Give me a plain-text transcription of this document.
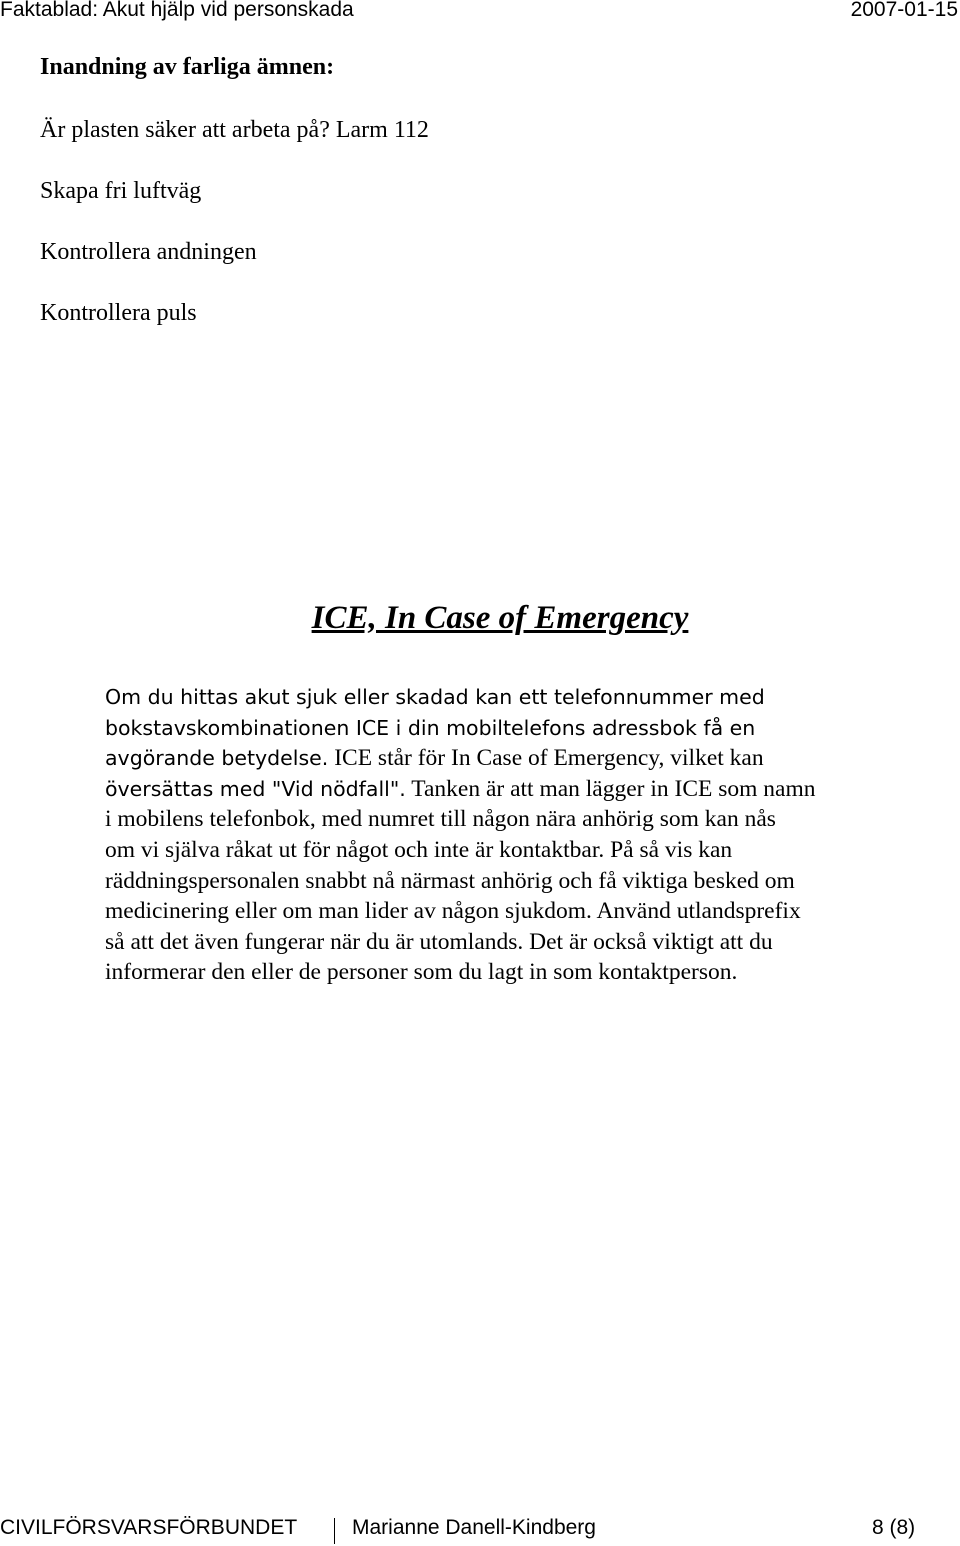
Faktablad: Akut hjälp vid personskada	2007-01-15
Inandning av farliga ämnen:
Är plasten säker att arbeta på? Larm 112
Skapa fri luftväg
Kontrollera andningen
Kontrollera puls
ICE, In Case of Emergency
Om du hittas akut sjuk eller skadad kan ett telefonnummer med
bokstavskombinationen ICE i din mobiltelefons adressbok få en
avgörande betydelse. ICE står för In Case of Emergency, vilket kan
översättas med "Vid nödfall". Tanken är att man lägger in ICE som namn
i mobilens telefonbok, med numret till någon nära anhörig som kan nås
om vi själva råkat ut för något och inte är kontaktbar. På så vis kan
räddningspersonalen snabbt nå närmast anhörig och få viktiga besked om
medicinering eller om man lider av någon sjukdom. Använd utlandsprefix
så att det även fungerar när du är utomlands. Det är också viktigt att du
informerar den eller de personer som du lagt in som kontaktperson.
CIVILFÖRSVARSFÖRBUNDET	Marianne Danell-Kindberg	8 (8)
